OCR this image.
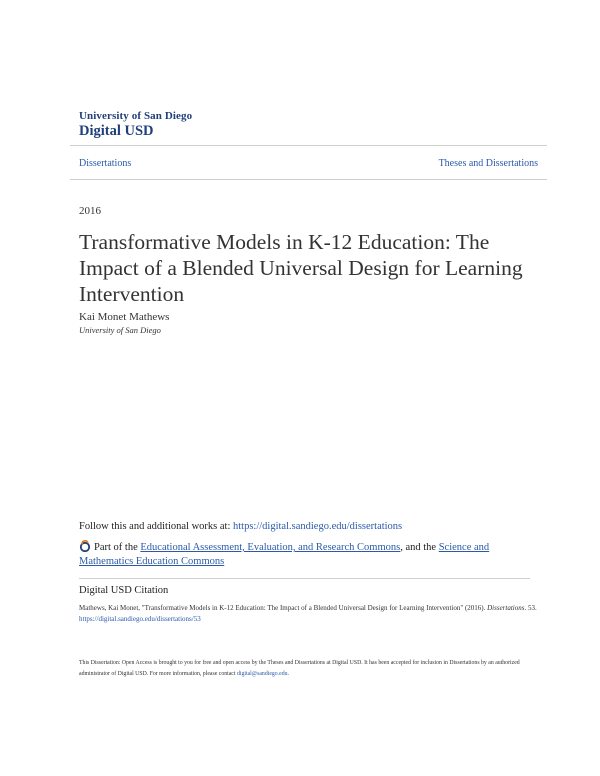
University of San Diego
Digital USD
Dissertations	Theses and Dissertations
2016
Transformative Models in K-12 Education: The Impact of a Blended Universal Design for Learning Intervention
Kai Monet Mathews
University of San Diego
Follow this and additional works at: https://digital.sandiego.edu/dissertations
Part of the Educational Assessment, Evaluation, and Research Commons, and the Science and Mathematics Education Commons
Digital USD Citation
Mathews, Kai Monet, "Transformative Models in K-12 Education: The Impact of a Blended Universal Design for Learning Intervention" (2016). Dissertations. 53.
https://digital.sandiego.edu/dissertations/53
This Dissertation: Open Access is brought to you for free and open access by the Theses and Dissertations at Digital USD. It has been accepted for inclusion in Dissertations by an authorized administrator of Digital USD. For more information, please contact digital@sandiego.edu.
